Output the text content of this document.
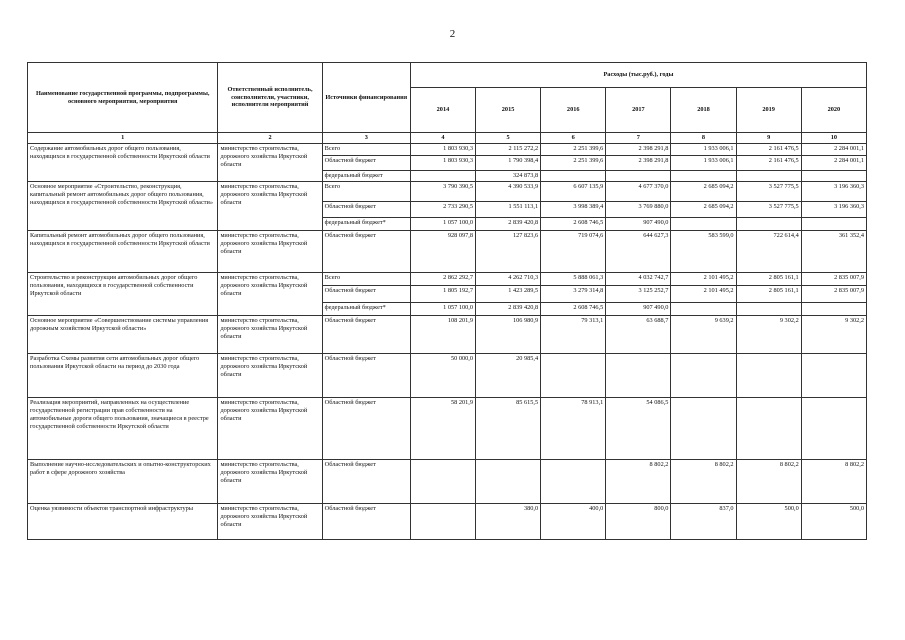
2
Наименование государственной программы, подпрограммы, основного мероприятия, мероприятия	Ответственный исполнитель, соисполнители, участники, исполнители мероприятий	Источники финансирования	Расходы (тыс.руб.), годы						
			2014	2015	2016	2017	2018	2019	2020
1	2	3	4	5	6	7	8	9	10
Содержание автомобильных дорог общего пользования, находящихся в государственной собственности Иркутской области	министерство строительства, дорожного хозяйства Иркутской области	Всего	1 803 930,3	2 115 272,2	2 251 399,6	2 398 291,8	1 933 006,1	2 161 476,5	2 284 001,1
		Областной бюджет	1 803 930,3	1 790 398,4	2 251 399,6	2 398 291,8	1 933 006,1	2 161 476,5	2 284 001,1
		федеральный бюджет		324 873,8					
Основное мероприятие «Строительство, реконструкция, капитальный ремонт автомобильных дорог общего пользования, находящихся в государственной собственности Иркутской области»	министерство строительства, дорожного хозяйства Иркутской области	Всего	3 790 390,5	4 390 533,9	6 607 135,9	4 677 370,0	2 685 094,2	3 527 775,5	3 196 360,3
		Областной бюджет	2 733 290,5	1 551 113,1	3 998 389,4	3 769 880,0	2 685 094,2	3 527 775,5	3 196 360,3
		федеральный бюджет*	1 057 100,0	2 839 420,8	2 608 746,5	907 490,0			
Капитальный ремонт автомобильных дорог общего пользования, находящихся в государственной собственности Иркутской области	министерство строительства, дорожного хозяйства Иркутской области	Областной бюджет	928 097,8	127 823,6	719 074,6	644 627,3	583 599,0	722 614,4	361 352,4
Строительство и реконструкция автомобильных дорог общего пользования, находящихся в государственной собственности Иркутской области	министерство строительства, дорожного хозяйства Иркутской области	Всего	2 862 292,7	4 262 710,3	5 888 061,3	4 032 742,7	2 101 495,2	2 805 161,1	2 835 007,9
		Областной бюджет	1 805 192,7	1 423 289,5	3 279 314,8	3 125 252,7	2 101 495,2	2 805 161,1	2 835 007,9
		федеральный бюджет*	1 057 100,0	2 839 420,8	2 608 746,5	907 490,0			
Основное мероприятие «Совершенствование системы управления дорожным хозяйством Иркутской области»	министерство строительства, дорожного хозяйства Иркутской области	Областной бюджет	108 201,9	106 980,9	79 313,1	63 688,7	9 639,2	9 302,2	9 302,2
Разработка Схемы развития сети автомобильных дорог общего пользования Иркутской области на период до 2030 года	министерство строительства, дорожного хозяйства Иркутской области	Областной бюджет	50 000,0	20 985,4					
Реализация мероприятий, направленных на осуществление государственной регистрации прав собственности на автомобильные дороги общего пользования, значащиеся в реестре государственной собственности Иркутской области	министерство строительства, дорожного хозяйства Иркутской области	Областной бюджет	58 201,9	85 615,5	78 913,1	54 086,5			
Выполнение научно-исследовательских и опытно-конструкторских работ в сфере дорожного хозяйства	министерство строительства, дорожного хозяйства Иркутской области	Областной бюджет				8 802,2	8 802,2	8 802,2	8 802,2
Оценка уязвимости объектов транспортной инфраструктуры	министерство строительства, дорожного хозяйства Иркутской области	Областной бюджет		380,0	400,0	800,0	837,0	500,0	500,0
